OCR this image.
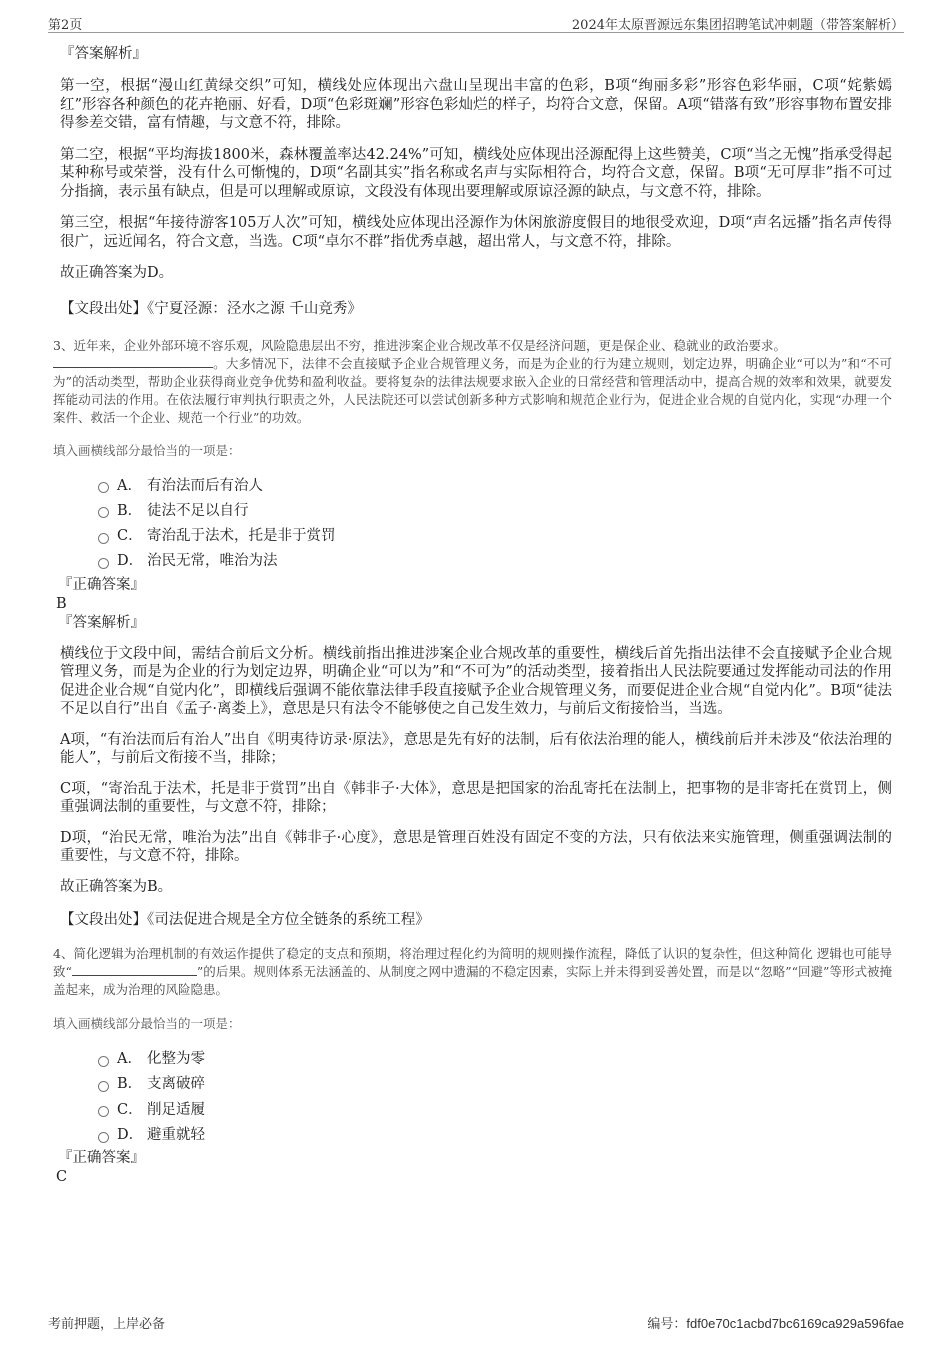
第2页	2024年太原晋源远东集团招聘笔试冲刺题（带答案解析）
『答案解析』

第一空，根据“漫山红黄绿交织”可知，横线处应体现出六盘山呈现出丰富的色彩，B项“绚丽多彩”形容色彩华丽，C项“姹紫嫣红”形容各种颜色的花卉艳丽、好看，D项“色彩斑斓”形容色彩灿烂的样子，均符合文意，保留。A项“错落有致”形容事物布置安排得参差交错，富有情趣，与文意不符，排除。

第二空，根据“平均海拔1800米，森林覆盖率达42.24%”可知，横线处应体现出泾源配得上这些赞美，C项“当之无愧”指承受得起某种称号或荣誉，没有什么可惭愧的，D项“名副其实”指名称或名声与实际相符合，均符合文意，保留。B项“无可厚非”指不可过分指摘，表示虽有缺点，但是可以理解或原谅，文段没有体现出要理解或原谅泾源的缺点，与文意不符，排除。

第三空，根据“年接待游客105万人次”可知，横线处应体现出泾源作为休闲旅游度假目的地很受欢迎，D项“声名远播”指名声传得很广，远近闻名，符合文意，当选。C项“卓尔不群”指优秀卓越，超出常人，与文意不符，排除。

故正确答案为D。

【文段出处】《宁夏泾源：泾水之源 千山竞秀》

3、近年来，企业外部环境不容乐观，风险隐患层出不穷，推进涉案企业合规改革不仅是经济问题，更是保企业、稳就业的政治要求。
。大多情况下，法律不会直接赋予企业合规管理义务，而是为企业的行为建立规则，划定边界，明确企业“可以为”和“不可为”的活动类型，帮助企业获得商业竞争优势和盈利收益。要将复杂的法律法规要求嵌入企业的日常经营和管理活动中，提高合规的效率和效果，就要发挥能动司法的作用。在依法履行审判执行职责之外，人民法院还可以尝试创新多种方式影响和规范企业行为，促进企业合规的自觉内化，实现“办理一个案件、救活一个企业、规范一个行业”的功效。

填入画横线部分最恰当的一项是：
A． 有治法而后有治人
B． 徒法不足以自行
C． 寄治乱于法术，托是非于赏罚
D． 治民无常，唯治为法
『正确答案』
B
『答案解析』

横线位于文段中间，需结合前后文分析。横线前指出推进涉案企业合规改革的重要性，横线后首先指出法律不会直接赋予企业合规管理义务，而是为企业的行为划定边界，明确企业“可以为”和“不可为”的活动类型，接着指出人民法院要通过发挥能动司法的作用促进企业合规“自觉内化”，即横线后强调不能依靠法律手段直接赋予企业合规管理义务，而要促进企业合规“自觉内化”。B项“徒法不足以自行”出自《孟子·离娄上》，意思是只有法令不能够使之自己发生效力，与前后文衔接恰当，当选。

A项，“有治法而后有治人”出自《明夷待访录·原法》，意思是先有好的法制，后有依法治理的能人，横线前后并未涉及“依法治理的能人”，与前后文衔接不当，排除；

C项，“寄治乱于法术，托是非于赏罚”出自《韩非子·大体》，意思是把国家的治乱寄托在法制上，把事物的是非寄托在赏罚上，侧重强调法制的重要性，与文意不符，排除；

D项，“治民无常，唯治为法”出自《韩非子·心度》，意思是管理百姓没有固定不变的方法，只有依法来实施管理，侧重强调法制的重要性，与文意不符，排除。

故正确答案为B。

【文段出处】《司法促进合规是全方位全链条的系统工程》

4、简化逻辑为治理机制的有效运作提供了稳定的支点和预期，将治理过程化约为简明的规则操作流程，降低了认识的复杂性，但这种简化 逻辑也可能导致“	”的后果。规则体系无法涵盖的、从制度之网中遗漏的不稳定因素，实际上并未得到妥善处置，而是以“忽略”“回避”等形式被掩盖起来，成为治理的风险隐患。

填入画横线部分最恰当的一项是：
A． 化整为零
B． 支离破碎
C． 削足适履
D． 避重就轻
『正确答案』
C
考前押题，上岸必备	编号：fdf0e70c1acbd7bc6169ca929a596fae
